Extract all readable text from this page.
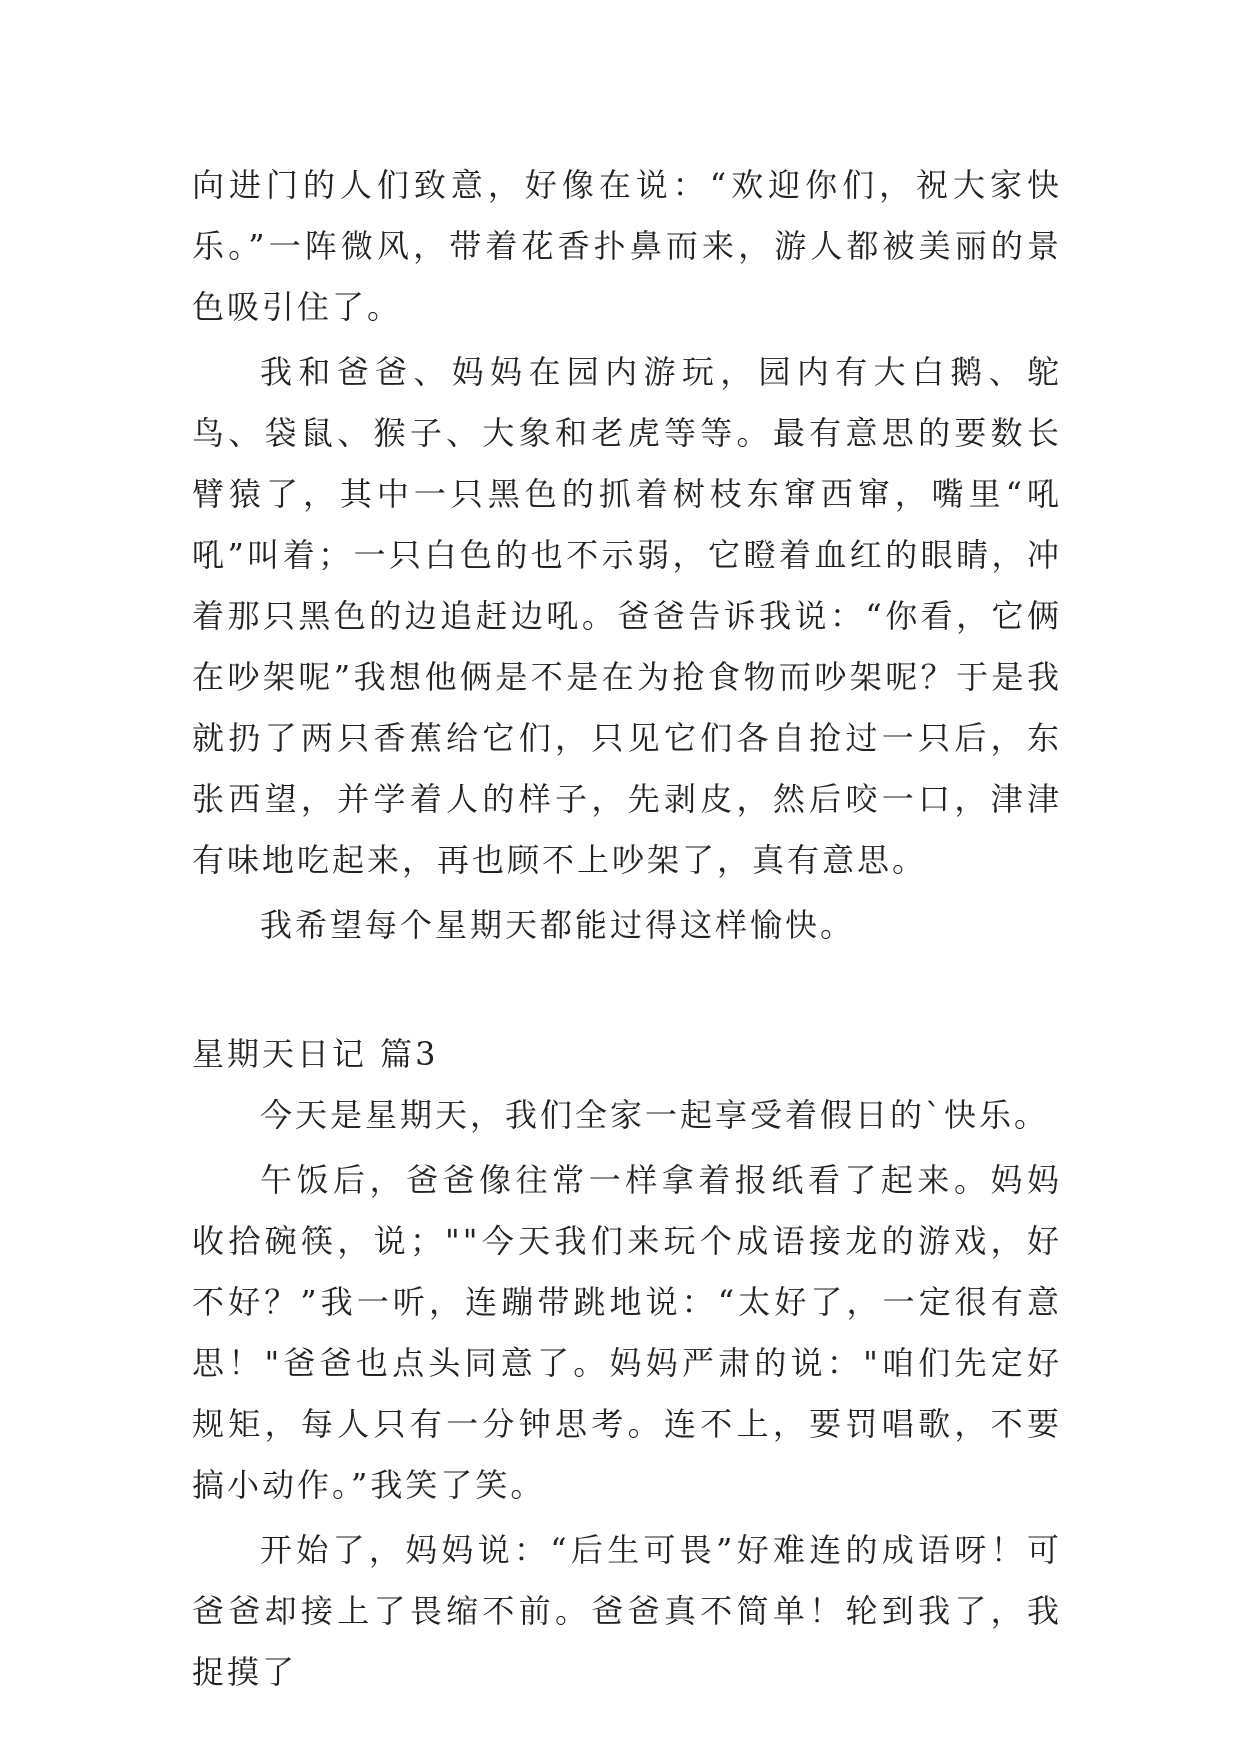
向进门的人们致意，好像在说：“欢迎你们，祝大家快乐。”一阵微风，带着花香扑鼻而来，游人都被美丽的景色吸引住了。

我和爸爸、妈妈在园内游玩，园内有大白鹅、鸵鸟、袋鼠、猴子、大象和老虎等等。最有意思的要数长臂猿了，其中一只黑色的抓着树枝东窜西窜，嘴里“吼吼”叫着；一只白色的也不示弱，它瞪着血红的眼睛，冲着那只黑色的边追赶边吼。爸爸告诉我说：“你看，它俩在吵架呢”我想他俩是不是在为抢食物而吵架呢？于是我就扔了两只香蕉给它们，只见它们各自抢过一只后，东张西望，并学着人的样子，先剥皮，然后咬一口，津津有味地吃起来，再也顾不上吵架了，真有意思。

我希望每个星期天都能过得这样愉快。

星期天日记 篇3

今天是星期天，我们全家一起享受着假日的`快乐。

午饭后，爸爸像往常一样拿着报纸看了起来。妈妈收拾碗筷，说；""今天我们来玩个成语接龙的游戏，好不好？”我一听，连蹦带跳地说：“太好了，一定很有意思！"爸爸也点头同意了。妈妈严肃的说："咱们先定好规矩，每人只有一分钟思考。连不上，要罚唱歌，不要搞小动作。”我笑了笑。

开始了，妈妈说：“后生可畏”好难连的成语呀！可爸爸却接上了畏缩不前。爸爸真不简单！轮到我了，我捉摸了
